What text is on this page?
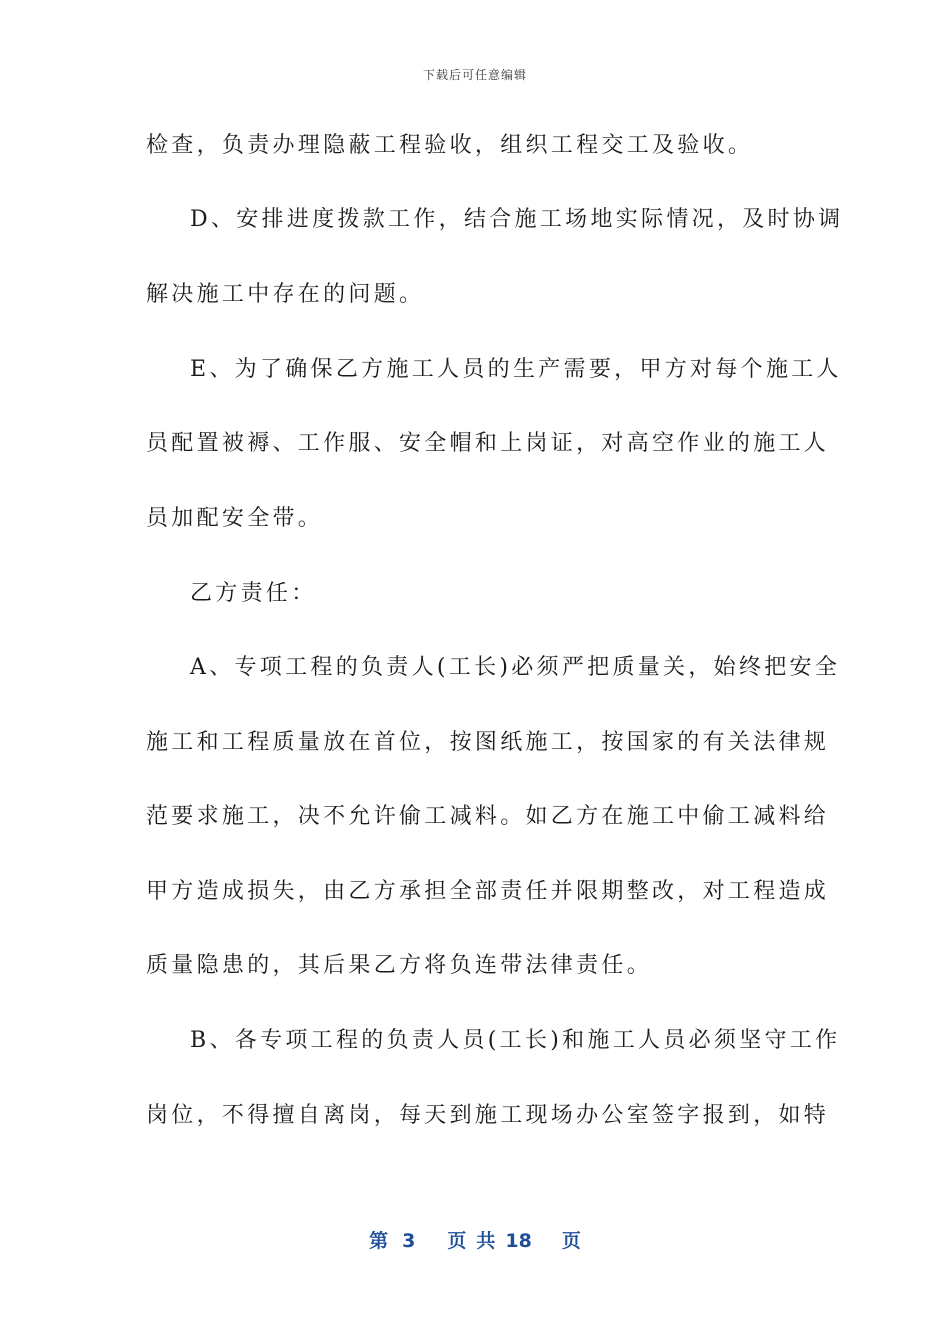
下载后可任意编辑
检查，负责办理隐蔽工程验收，组织工程交工及验收。
D、安排进度拨款工作，结合施工场地实际情况，及时协调
解决施工中存在的问题。
E、为了确保乙方施工人员的生产需要，甲方对每个施工人
员配置被褥、工作服、安全帽和上岗证，对高空作业的施工人
员加配安全带。
乙方责任：
A、专项工程的负责人(工长)必须严把质量关，始终把安全
施工和工程质量放在首位，按图纸施工，按国家的有关法律规
范要求施工，决不允许偷工减料。如乙方在施工中偷工减料给
甲方造成损失，由乙方承担全部责任并限期整改，对工程造成
质量隐患的，其后果乙方将负连带法律责任。
B、各专项工程的负责人员(工长)和施工人员必须坚守工作
岗位，不得擅自离岗，每天到施工现场办公室签字报到，如特
第 3 页 共 18 页
